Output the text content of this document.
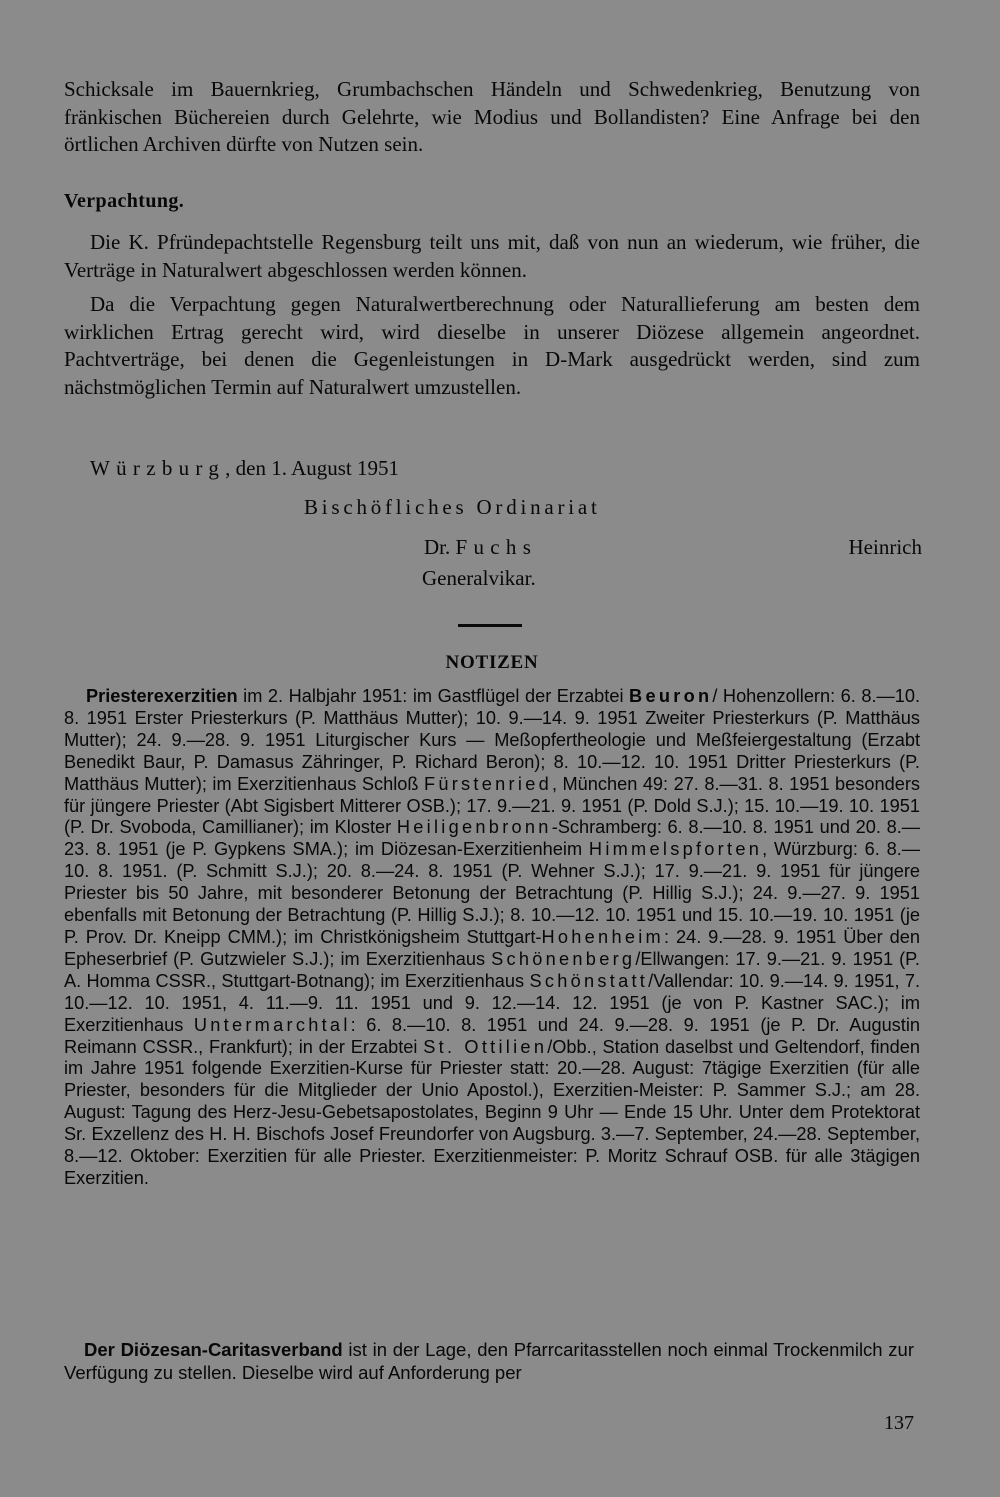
Schicksale im Bauernkrieg, Grumbachschen Händeln und Schwedenkrieg, Benutzung von fränkischen Büchereien durch Gelehrte, wie Modius und Bollandisten? Eine Anfrage bei den örtlichen Archiven dürfte von Nutzen sein.

Verpachtung.

Die K. Pfründepachtstelle Regensburg teilt uns mit, daß von nun an wiederum, wie früher, die Verträge in Naturalwert abgeschlossen werden können.

Da die Verpachtung gegen Naturalwertberechnung oder Naturallieferung am besten dem wirklichen Ertrag gerecht wird, wird dieselbe in unserer Diözese allgemein angeordnet. Pachtverträge, bei denen die Gegenleistungen in D-Mark ausgedrückt werden, sind zum nächstmöglichen Termin auf Naturalwert umzustellen.

Würzburg, den 1. August 1951
Bischöfliches Ordinariat
Dr. Fuchs	Heinrich
Generalvikar.
NOTIZEN

Priesterexerzitien im 2. Halbjahr 1951: im Gastflügel der Erzabtei Beuron/ Hohenzollern: 6. 8.—10. 8. 1951 Erster Priesterkurs (P. Matthäus Mutter); 10. 9.—14. 9. 1951 Zweiter Priesterkurs (P. Matthäus Mutter); 24. 9.—28. 9. 1951 Liturgischer Kurs — Meßopfertheologie und Meßfeiergestaltung (Erzabt Benedikt Baur, P. Damasus Zähringer, P. Richard Beron); 8. 10.—12. 10. 1951 Dritter Priesterkurs (P. Matthäus Mutter); im Exerzitienhaus Schloß Fürstenried, München 49: 27. 8.—31. 8. 1951 besonders für jüngere Priester (Abt Sigisbert Mitterer OSB.); 17. 9.—21. 9. 1951 (P. Dold S.J.); 15. 10.—19. 10. 1951 (P. Dr. Svoboda, Camillianer); im Kloster Heiligenbronn-Schramberg: 6. 8.—10. 8. 1951 und 20. 8.—23. 8. 1951 (je P. Gypkens SMA.); im Diözesan-Exerzitienheim Himmelspforten, Würzburg: 6. 8.—10. 8. 1951. (P. Schmitt S.J.); 20. 8.—24. 8. 1951 (P. Wehner S.J.); 17. 9.—21. 9. 1951 für jüngere Priester bis 50 Jahre, mit besonderer Betonung der Betrachtung (P. Hillig S.J.); 24. 9.—27. 9. 1951 ebenfalls mit Betonung der Betrachtung (P. Hillig S.J.); 8. 10.—12. 10. 1951 und 15. 10.—19. 10. 1951 (je P. Prov. Dr. Kneipp CMM.); im Christkönigsheim Stuttgart-Hohenheim: 24. 9.—28. 9. 1951 Über den Epheserbrief (P. Gutzwieler S.J.); im Exerzitienhaus Schönenberg/Ellwangen: 17. 9.—21. 9. 1951 (P. A. Homma CSSR., Stuttgart-Botnang); im Exerzitienhaus Schönstatt/Vallendar: 10. 9.—14. 9. 1951, 7. 10.—12. 10. 1951, 4. 11.—9. 11. 1951 und 9. 12.—14. 12. 1951 (je von P. Kastner SAC.); im Exerzitienhaus Untermarchtal: 6. 8.—10. 8. 1951 und 24. 9.—28. 9. 1951 (je P. Dr. Augustin Reimann CSSR., Frankfurt); in der Erzabtei St. Ottilien/Obb., Station daselbst und Geltendorf, finden im Jahre 1951 folgende Exerzitien-Kurse für Priester statt: 20.—28. August: 7tägige Exerzitien (für alle Priester, besonders für die Mitglieder der Unio Apostol.), Exerzitien-Meister: P. Sammer S.J.; am 28. August: Tagung des Herz-Jesu-Gebetsapostolates, Beginn 9 Uhr — Ende 15 Uhr. Unter dem Protektorat Sr. Exzellenz des H. H. Bischofs Josef Freundorfer von Augsburg. 3.—7. September, 24.—28. September, 8.—12. Oktober: Exerzitien für alle Priester. Exerzitienmeister: P. Moritz Schrauf OSB. für alle 3tägigen Exerzitien.

Der Diözesan-Caritasverband ist in der Lage, den Pfarrcaritasstellen noch einmal Trockenmilch zur Verfügung zu stellen. Dieselbe wird auf Anforderung per

137
